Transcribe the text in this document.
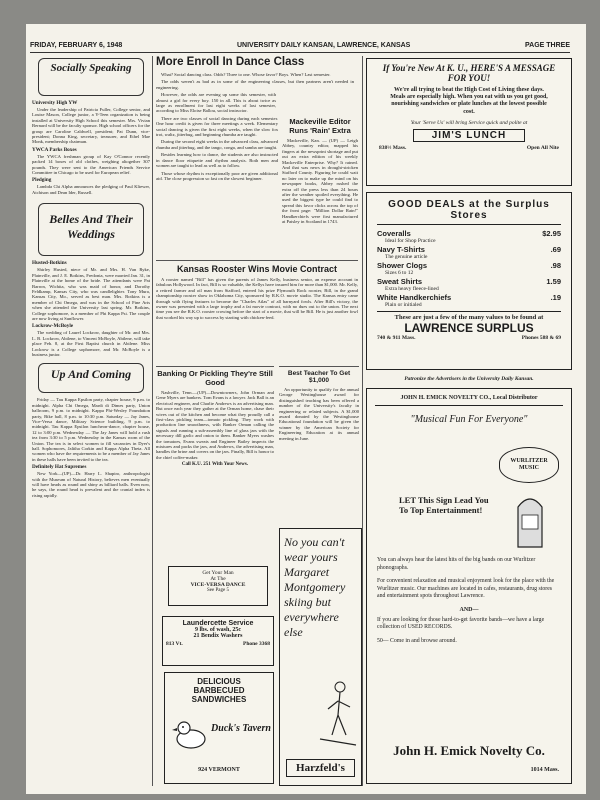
FRIDAY, FEBRUARY 6, 1948	UNIVERSITY DAILY KANSAN, LAWRENCE, KANSAS	PAGE THREE
Socially Speaking
University High YW

Under the leadership of Patricia Fuller, College senior, and Louise Mason, College junior, a Y-Teen organization is being installed at University High School this semester. Mrs. Vivian Bernard will be the faculty sponsor. High school officers for the group are Caroline Caldwell, president; Pat Dunn, vice-president; Donna King, secretary, treasurer, and Ethel Mae Monk, membership chairman.

YWCA Parks Boxes

The YWCA freshman group of Kay O'Connor recently packed 14 boxes of old clothes, weighing altogether 307 pounds. They were sent to the American Friends Service Committee in Chicago to be used for European relief.

Pledging

Lambda Chi Alpha announces the pledging of Paul Kliewer, Atchison and Dean Ider, Russell.

Belles And Their Weddings
Husted-Botkins

Shirley Husted, niece of Mr. and Mrs. H. Van Ryke, Plainville, and J. E. Botkins, Fredonia, were married Jan. 31, in Plainville at the home of the bride. The attendants were Pat Barron, Wichita, who was maid of honor, and Dorothy Feldkamp, Kansas City, who was candlelighter. Tony Mura, Kansas City, Mo., served as best man. Mrs. Botkins is a member of Chi Omega, and was in the School of Fine Arts when she attended the University last spring. Mr. Botkins, College sophomore, is a member of Phi Kappa Psi. The couple are now living at Sunflower.

Lockrow-McBoyle

The wedding of Laurel Lockrow, daughter of Mr. and Mrs. L. B. Lockrow, Abilene, to Vincent McBoyle, Abilene, will take place Feb. 8, at the First Baptist church in Abilene. Miss Lockrow is a College sophomore, and Mr. McBoyle is a business junior.

Up And Coming

Friday — Tau Kappa Epsilon party, chapter house, 9 p.m. to midnight. Alpha Chi Omega, Mardi di Dimes party, Union ballroom, 9 p.m. to midnight. Kappa Phi-Wesley Foundation party, Bike hall, 8 p.m. to 10:30 p.m. Saturday — Jay Janes, Vice-Versa dance, Military Science building, 9 p.m. to midnight. Tau Kappa Epsilon luncheon-dance, chapter house, 12 to 3:00 p.m. Wednesday — The Jay Janes will hold a rush tea from 3:30 to 5 p.m. Wednesday in the Kansas room of the Union. The tea is in select women to fill vacancies in Dyer's hall. Sophomores, Jalitha Corkin and Kappa Alpha Theta. All women who have the requirements to be a member of Jay Janes in these halls have been invited to the tea.

Definitely Hat Supremes

New York—(UP)—Dr. Harry L. Shapiro, anthropologist with the Museum of Natural History, believes men eventually will have heads as round and shiny as billiard balls. Even now, he says, the round head is prevalent and the cranial index is rising rapidly.

More Enroll In Dance Class

What? Social dancing class. Odds? Three to one. Whose favor? Boys. When? Last semester.

The odds weren't as bad as in some of the engineering classes, but then partners aren't needed in engineering.

However, the odds are evening up some this semester, with almost a girl for every boy. 150 in all. This is about twice as large as enrollment for last eight weeks of last semester, according to Miss Eloise Ballou, social instructor.

There are two classes of social dancing during each semester. One hour credit is given for three meetings a week. Elementary social dancing is given the first eight weeks, when the slow fox trot, waltz, jitterbug, and beginning rhumba are taught.

During the second eight weeks in the advanced class, advanced rhumba and jitterbug, and the tango, conga, and samba are taught.

Besides learning how to dance, the students are also instructed in dance floor etiquette and rhythm analysis. Both men and women are taught to lead as well as to follow.

Those whose rhythm is exceptionally poor are given additional aid. The close progression so fast on the slowest beginner.

Mackeville Editor Runs 'Rain' Extra

Mackeville, Kan. — (UP) — Leigh Abbey, country editor, mapped his fingers at the newsprint shortage and put out an extra edition of his weekly Mackeville Enterprise. Why? It rained. And that was news in drought-stricken Stafford County. Figuring he could wait no later on to make up the mind on his newspaper books, Abbey rushed the extra off the press less than 24 hours after the weather spoiled everything. He used the biggest type he could find to spread this favor clicks across the top of the front page: "Million Dollar Rain!" Handkerchiefs were first manufactured at Paisley in Scotland in 1743.

Kansas Rooster Wins Movie Contract

A rooster named "Bill" has given the parents of James Kelly, business senior, an expense account in fabulous Hollywood. In fact, Bill is so valuable, the Kellys have insured him for more than $1,000. Mr. Kelly, a retired farmer and oil man from Stafford, entered his prize Plymouth Rock rooster, Bill, in the grand championship rooster show in Oklahoma City, sponsored by R.K.O. movie studio. The Kansas entry came through with flying features to become the "Charles Atlas" of all barnyard fowls. After Bill's victory, the owner was presented with a large trophy and a fat movie contract, with no dues out to the union. The next time you see the R.K.O. rooster crowing before the start of a movie, that will be Bill. He is just another fowl that worked his way up to success by starting with chicken-feed.

Banking Or Pickling They're Still Good

Nashville, Tenn.—(UP)—Downtowners, John Orman and Gene Myers are bankers. Tom Evans is a lawyer. Jack Ball is an electrical engineer, and Charlie Andrews is an advertising man. But once each year they gather at the Orman home, chase their wives out of the kitchen and become what they proudly call a first-class pickling team—tomato pickling. They work with production line smoothness, with Banker Orman calling the signals and running a sub-assembly line of glass jars with the necessary dill garlic and onion to them. Banker Myers washes the tomatoes, Evans sweats and Engineer Bailey inspects the mixtures and packs the jars, and Andrews, the advertising man, handles the brine and covers on the jars. Finally, Bill is honor to the chief coffee-maker.

Call K.U. 251 With Your News.
Best Teacher To Get $1,000

An opportunity to qualify for the annual George Westinghouse award for distinguished teaching has been offered a number of the University's faculty in engineering or related subjects. A $1,000 award donated by the Westinghouse Educational foundation will be given the winner by the American Society for Engineering Education at its annual meeting in June.

Get Your Man
At The
VICE-VERSA DANCE
See Page 5
Laundercette Service
9 lbs. of wash, 25c
21 Bendix Washers
813 Vt.	Phone 3368
DELICIOUS
BARBECUED
SANDWICHES
Duck's Tavern
924 VERMONT
No you can't wear yours Margaret Montgomery skiing but everywhere else
Harzfeld's
If You're New At K. U., HERE'S A MESSAGE FOR YOU!
We're all trying to beat the High Cost of Living these days. Meals are especially high. When you eat with us you get good, nourishing sandwiches or plate lunches at the lowest possible cost.
Your 'Serve Us' will bring Service quick and polite at
JIM'S LUNCH
838½ Mass.	Open All Nite
GOOD DEALS at the Surplus Stores
Coveralls	$2.95
Ideal for Shop Practice
Navy T-Shirts	.69
The genuine article
Shower Clogs	.98
Sizes 6 to 12
Sweat Shirts	1.59
Extra heavy fleece-lined
White Handkerchiefs	.19
Plain or initialed
These are just a few of the many values to be found at
LAWRENCE SURPLUS
740 & 911 Mass.	Phones 588 & 69
Patronize the Advertisers in the University Daily Kansan.
JOHN H. EMICK NOVELTY CO., Local Distributor
"Musical Fun For Everyone"
WURLITZER MUSIC
LET This Sign Lead You To Top Entertainment!

You can always hear the latest hits of the big bands on our Wurlitzer phonographs.

For convenient relaxation and musical enjoyment look for the place with the Wurlitzer music. Our machines are located in cafes, restaurants, drug stores and entertainment spots throughout Lawrence.

AND—

If you are looking for those hard-to-get favorite bands—we have a large collection of USED RECORDS.

50— Come in and browse around.

John H. Emick Novelty Co.
1014 Mass.
